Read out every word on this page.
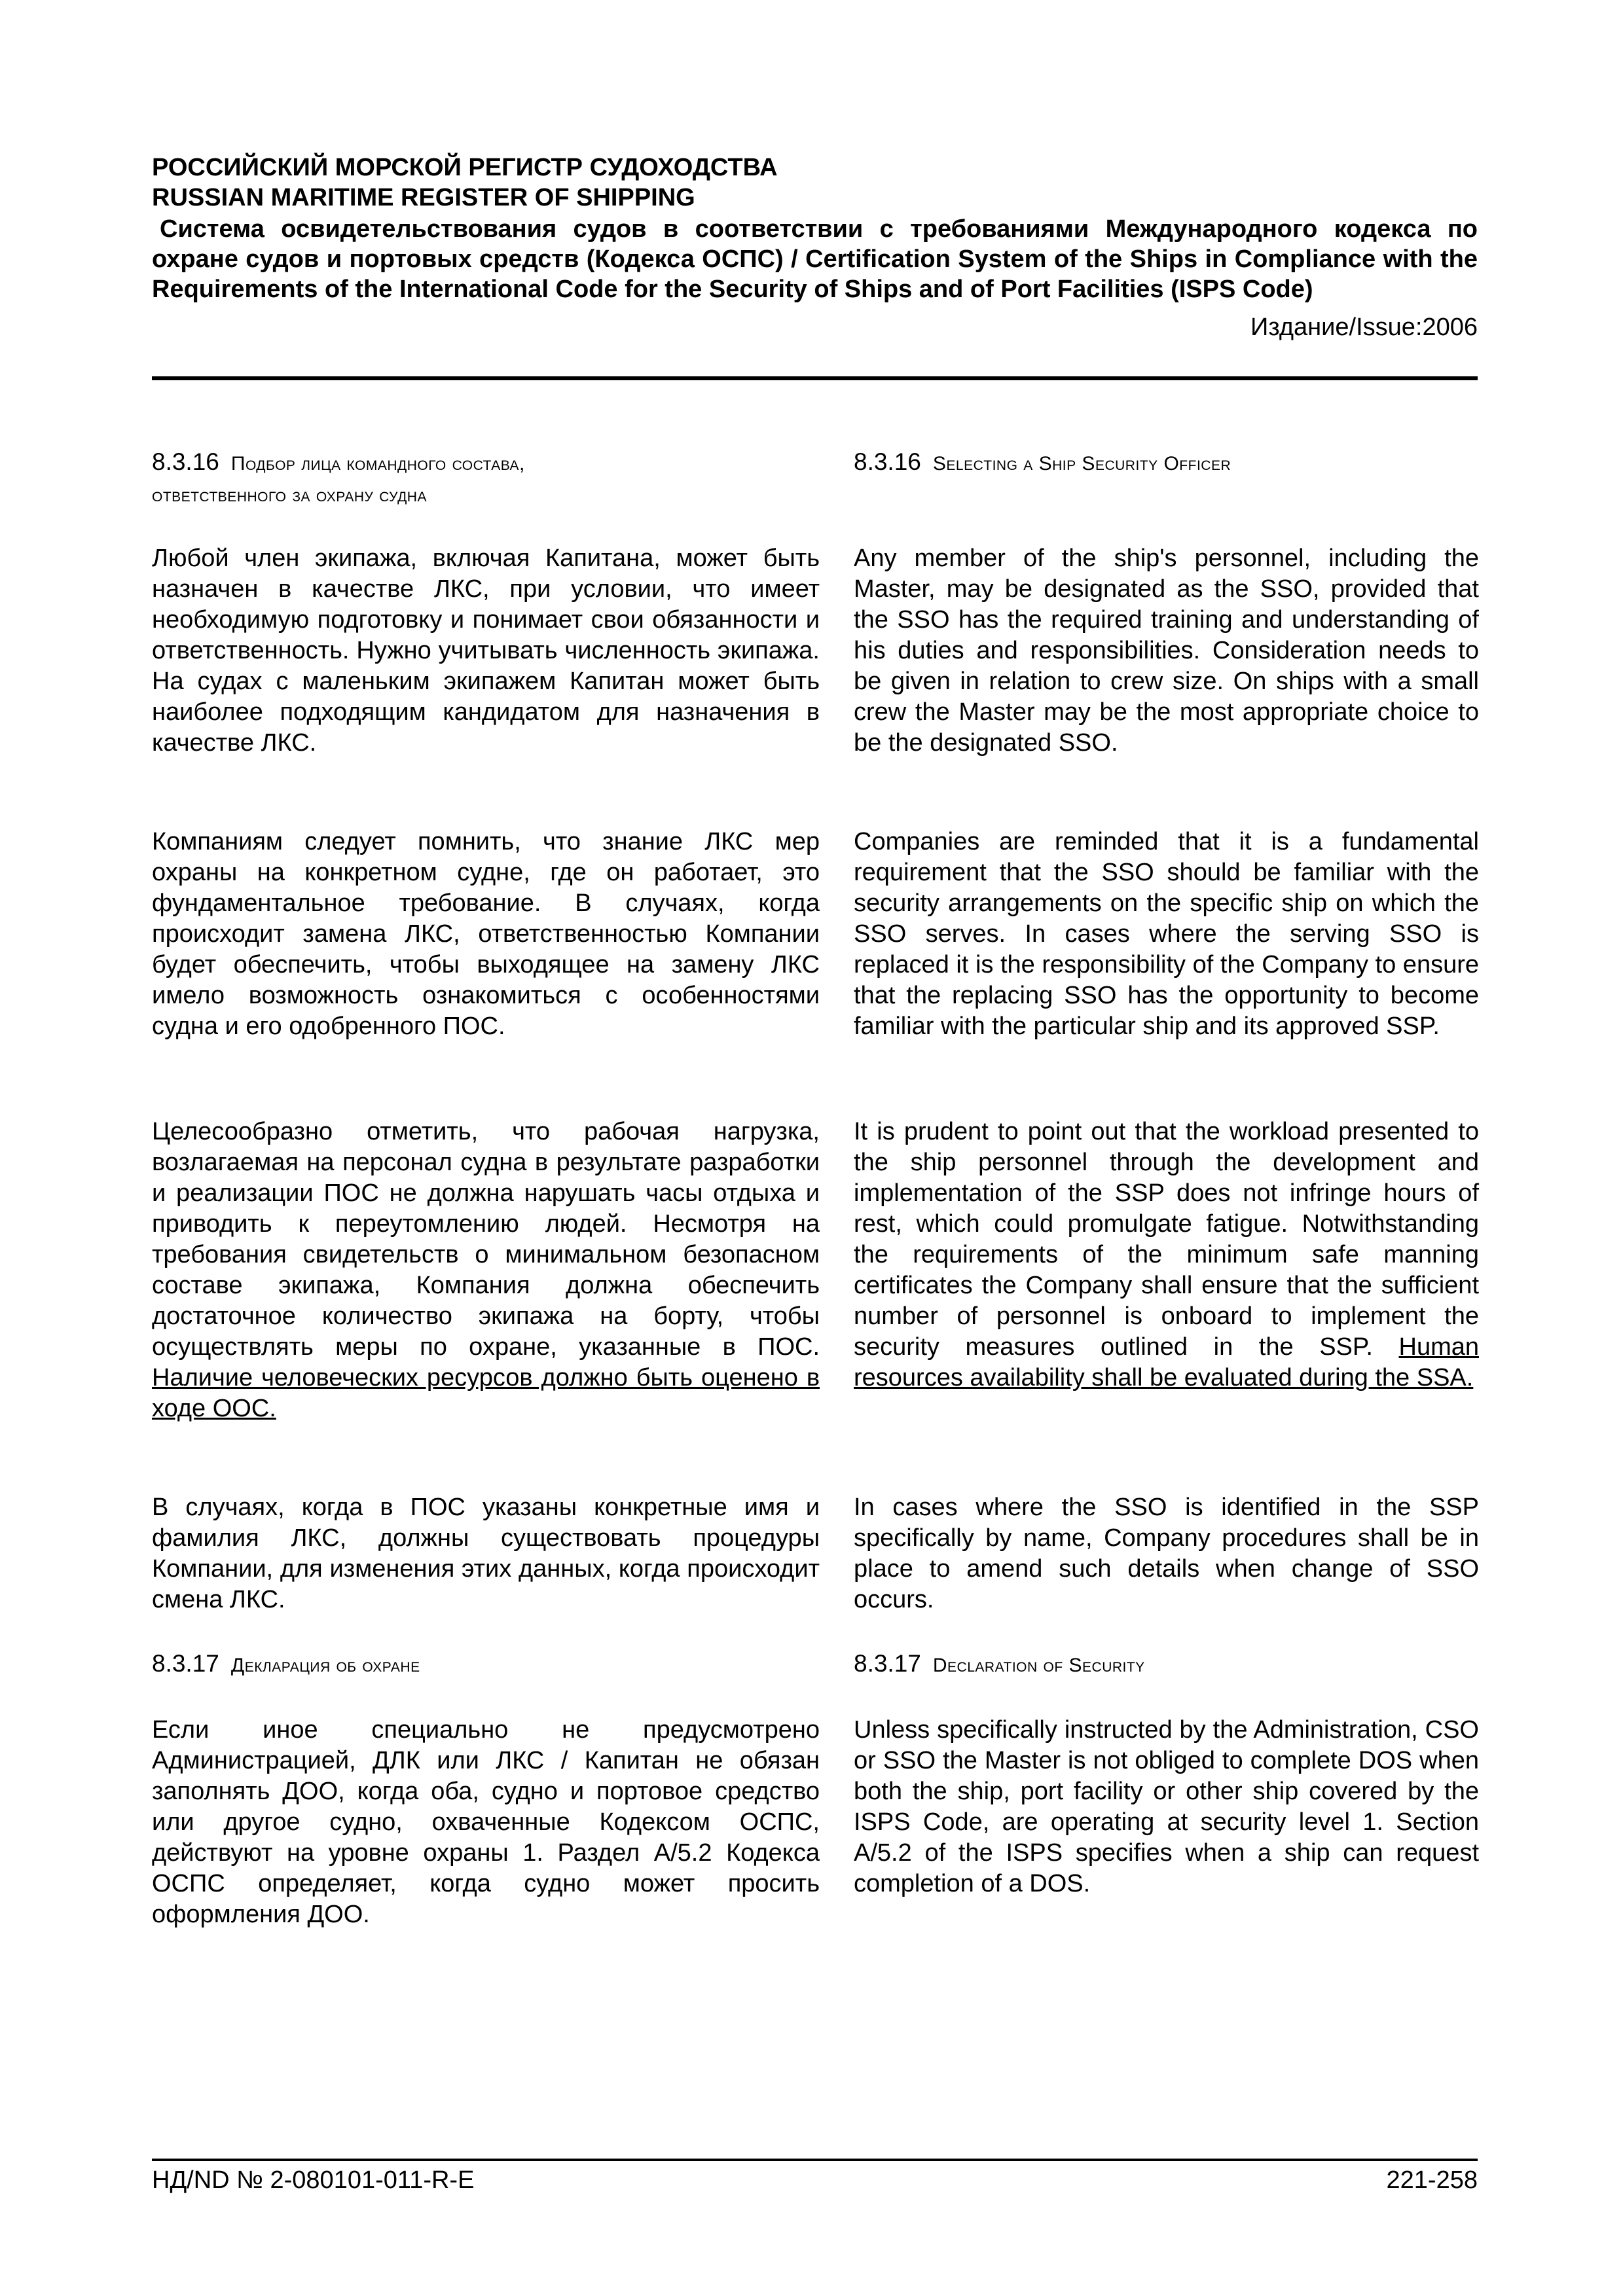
РОССИЙСКИЙ МОРСКОЙ РЕГИСТР СУДОХОДСТВА
RUSSIAN MARITIME REGISTER OF SHIPPING
Система освидетельствования судов в соответствии с требованиями Международного кодекса по охране судов и портовых средств (Кодекса ОСПС) / Certification System of the Ships in Compliance with the Requirements of the International Code for the Security of Ships and of Port Facilities (ISPS Code)
Издание/Issue:2006
8.3.16 Подбор лица командного состава,
ответственного за охрану судна
Любой член экипажа, включая Капитана, может быть назначен в качестве ЛКС, при условии, что имеет необходимую подготовку и понимает свои обязанности и ответственность. Нужно учитывать численность экипажа. На судах с маленьким экипажем Капитан может быть наиболее подходящим кандидатом для назначения в качестве ЛКС.
Компаниям следует помнить, что знание ЛКС мер охраны на конкретном судне, где он работает, это фундаментальное требование. В случаях, когда происходит замена ЛКС, ответственностью Компании будет обеспечить, чтобы выходящее на замену ЛКС имело возможность ознакомиться с особенностями судна и его одобренного ПОС.
Целесообразно отметить, что рабочая нагрузка, возлагаемая на персонал судна в результате разработки и реализации ПОС не должна нарушать часы отдыха и приводить к переутомлению людей. Несмотря на требования свидетельств о минимальном безопасном составе экипажа, Компания должна обеспечить достаточное количество экипажа на борту, чтобы осуществлять меры по охране, указанные в ПОС. Наличие человеческих ресурсов должно быть оценено в ходе ООС.
В случаях, когда в ПОС указаны конкретные имя и фамилия ЛКС, должны существовать процедуры Компании, для изменения этих данных, когда происходит смена ЛКС.
8.3.17 Декларация об охране
Если иное специально не предусмотрено Администрацией, ДЛК или ЛКС / Капитан не обязан заполнять ДОО, когда оба, судно и портовое средство или другое судно, охваченные Кодексом ОСПС, действуют на уровне охраны 1. Раздел А/5.2 Кодекса ОСПС определяет, когда судно может просить оформления ДОО.
8.3.16 Selecting a Ship Security Officer
Any member of the ship's personnel, including the Master, may be designated as the SSO, provided that the SSO has the required training and understanding of his duties and responsibilities. Consideration needs to be given in relation to crew size. On ships with a small crew the Master may be the most appropriate choice to be the designated SSO.
Companies are reminded that it is a fundamental requirement that the SSO should be familiar with the security arrangements on the specific ship on which the SSO serves. In cases where the serving SSO is replaced it is the responsibility of the Company to ensure that the replacing SSO has the opportunity to become familiar with the particular ship and its approved SSP.
It is prudent to point out that the workload presented to the ship personnel through the development and implementation of the SSP does not infringe hours of rest, which could promulgate fatigue. Notwithstanding the requirements of the minimum safe manning certificates the Company shall ensure that the sufficient number of personnel is onboard to implement the security measures outlined in the SSP. Human resources availability shall be evaluated during the SSA.
In cases where the SSO is identified in the SSP specifically by name, Company procedures shall be in place to amend such details when change of SSO occurs.
8.3.17 Declaration of Security
Unless specifically instructed by the Administration, CSO or SSO the Master is not obliged to complete DOS when both the ship, port facility or other ship covered by the ISPS Code, are operating at security level 1. Section A/5.2 of the ISPS specifies when a ship can request completion of a DOS.
НД/ND № 2-080101-011-R-E	221-258
